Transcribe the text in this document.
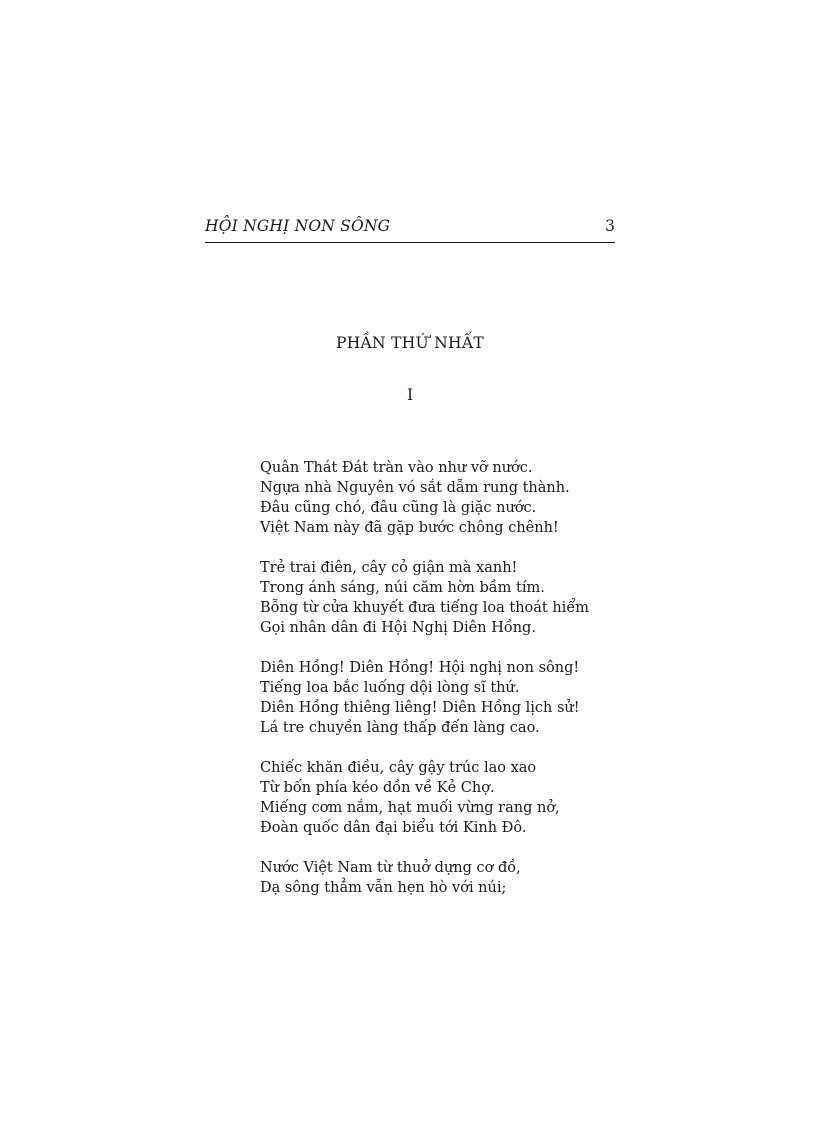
HỘI NGHỊ NON SÔNG	3
PHẦN THỨ NHẤT
I
Quân Thát Đát tràn vào như vỡ nước.
Ngựa nhà Nguyên vó sắt dẫm rung thành.
Đâu cũng chó, đâu cũng là giặc nước.
Việt Nam này đã gặp bước chông chênh!
Trẻ trai điên, cây cỏ giận mà xanh!
Trong ánh sáng, núi căm hờn bầm tím.
Bỗng từ cửa khuyết đưa tiếng loa thoát hiểm
Gọi nhân dân đi Hội Nghị Diên Hồng.
Diên Hồng! Diên Hồng! Hội nghị non sông!
Tiếng loa bắc luống dội lòng sĩ thứ.
Diên Hồng thiêng liêng! Diên Hồng lịch sử!
Lá tre chuyền làng thấp đến làng cao.
Chiếc khăn điều, cây gậy trúc lao xao
Từ bốn phía kéo dồn về Kẻ Chợ.
Miếng cơm nắm, hạt muối vừng rang nở,
Đoàn quốc dân đại biểu tới Kinh Đô.
Nước Việt Nam từ thuở dựng cơ đồ,
Dạ sông thẳm vẫn hẹn hò với núi;
